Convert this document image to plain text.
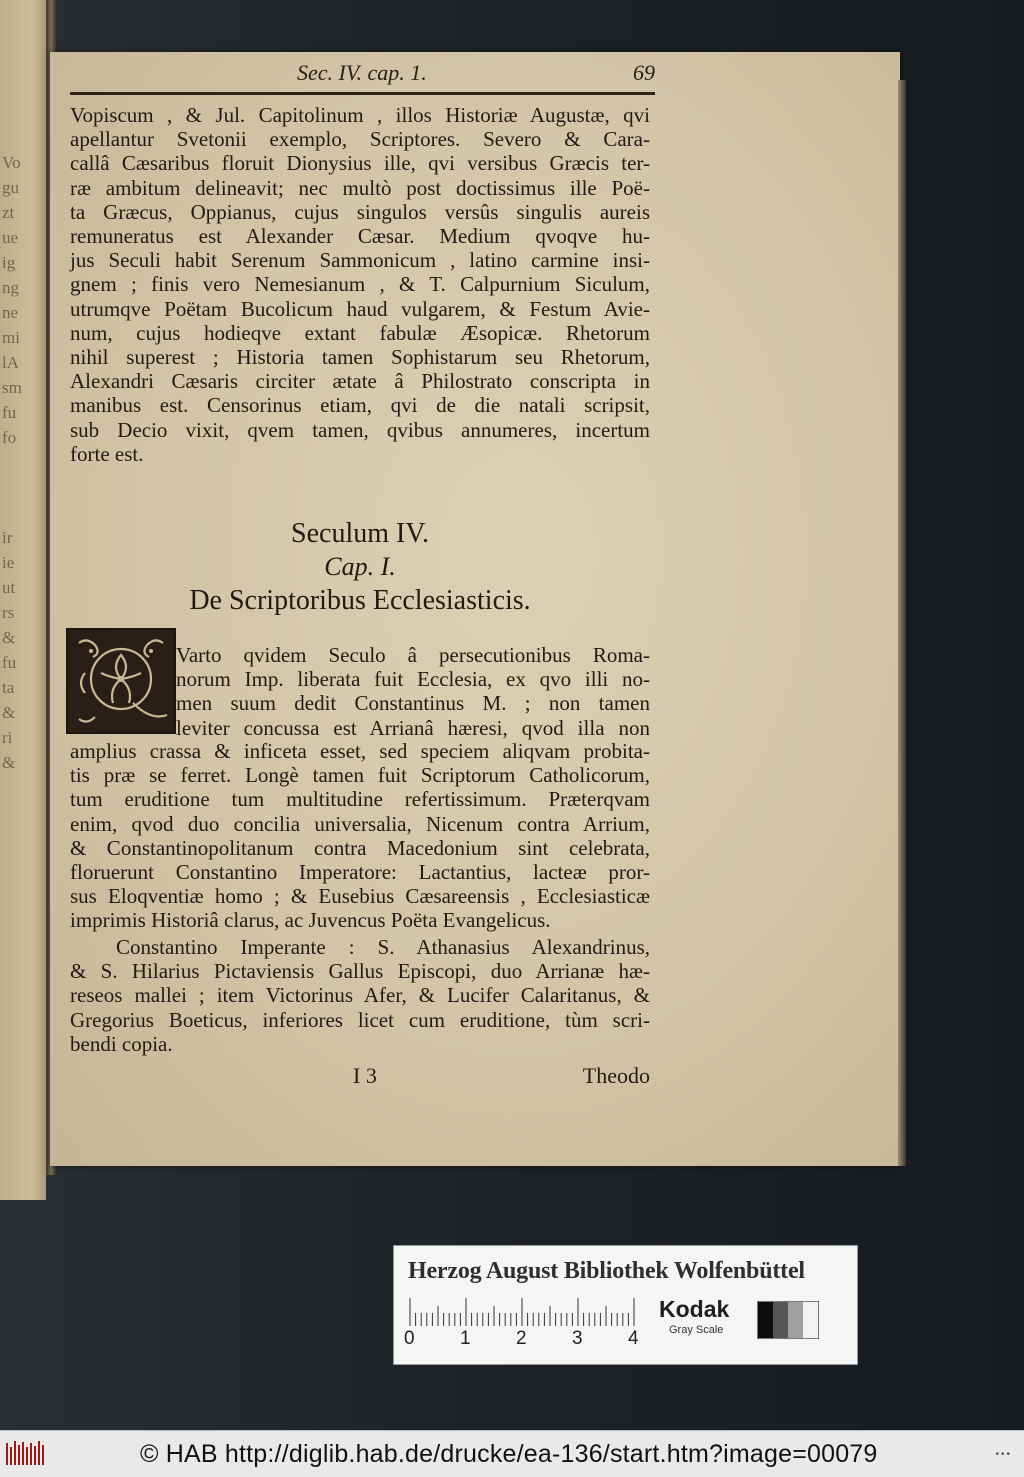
Vo
gu
zt
ue
ig
ng
ne
mi
lA
sm
fu
fo

ir
ie
ut
rs
&
fu
ta
&
ri
&
Sec. IV. cap. 1.	69
Vopiscum , & Jul. Capitolinum , illos Historiæ Augustæ, qvi
apellantur Svetonii exemplo, Scriptores. Severo & Cara-
callâ Cæsaribus floruit Dionysius ille, qvi versibus Græcis ter-
ræ ambitum delineavit; nec multò post doctissimus ille Poë-
ta Græcus, Oppianus, cujus singulos versûs singulis aureis
remuneratus est Alexander Cæsar. Medium qvoqve hu-
jus Seculi habit Serenum Sammonicum , latino carmine insi-
gnem ; finis vero Nemesianum , & T. Calpurnium Siculum,
utrumqve Poëtam Bucolicum haud vulgarem, & Festum Avie-
num, cujus hodieqve extant fabulæ Æsopicæ. Rhetorum
nihil superest ; Historia tamen Sophistarum seu Rhetorum,
Alexandri Cæsaris circiter ætate â Philostrato conscripta in
manibus est. Censorinus etiam, qvi de die natali scripsit,
sub Decio vixit, qvem tamen, qvibus annumeres, incertum
forte est.
Seculum IV.
Cap. I.
De Scriptoribus Ecclesiasticis.
Varto qvidem Seculo â persecutionibus Roma-
norum Imp. liberata fuit Ecclesia, ex qvo illi no-
men suum dedit Constantinus M. ; non tamen
leviter concussa est Arrianâ hæresi, qvod illa non
amplius crassa & inficeta esset, sed speciem aliqvam probita-
tis præ se ferret. Longè tamen fuit Scriptorum Catholicorum,
tum eruditione tum multitudine refertissimum. Præterqvam
enim, qvod duo concilia universalia, Nicenum contra Arrium,
& Constantinopolitanum contra Macedonium sint celebrata,
floruerunt Constantino Imperatore: Lactantius, lacteæ pror-
sus Eloqventiæ homo ; & Eusebius Cæsareensis , Ecclesiasticæ
imprimis Historiâ clarus, ac Juvencus Poëta Evangelicus.
Constantino Imperante : S. Athanasius Alexandrinus,
& S. Hilarius Pictaviensis Gallus Episcopi, duo Arrianæ hæ-
reseos mallei ; item Victorinus Afer, & Lucifer Calaritanus, &
Gregorius Boeticus, inferiores licet cum eruditione, tùm scri-
bendi copia.
I 3	Theodo
Herzog August Bibliothek Wolfenbüttel
0 1 2 3 4
Kodak
Gray Scale
© HAB http://diglib.hab.de/drucke/ea-136/start.htm?image=00079	•••
